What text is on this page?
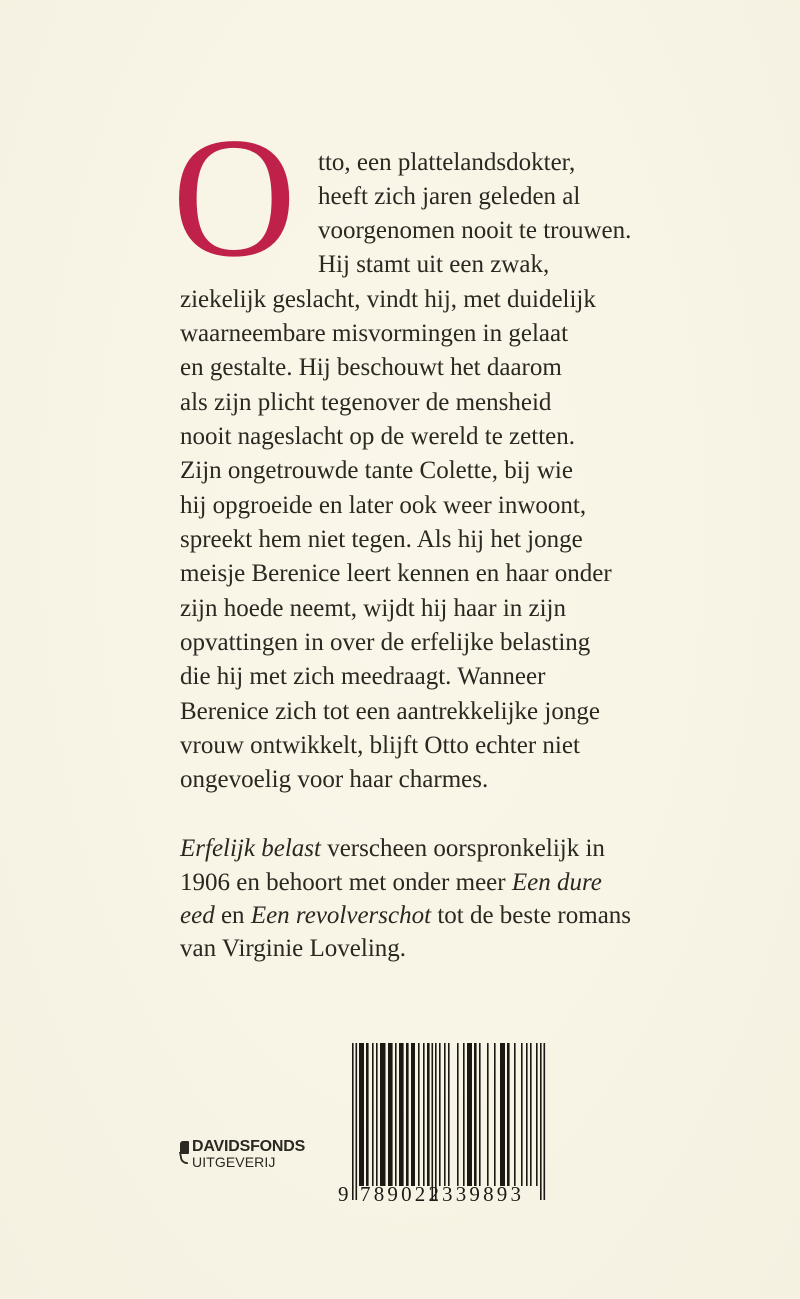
O tto, een plattelandsdokter,
heeft zich jaren geleden al
voorgenomen nooit te trouwen.
Hij stamt uit een zwak,
ziekelijk geslacht, vindt hij, met duidelijk
waarneembare misvormingen in gelaat
en gestalte. Hij beschouwt het daarom
als zijn plicht tegenover de mensheid
nooit nageslacht op de wereld te zetten.
Zijn ongetrouwde tante Colette, bij wie
hij opgroeide en later ook weer inwoont,
spreekt hem niet tegen. Als hij het jonge
meisje Berenice leert kennen en haar onder
zijn hoede neemt, wijdt hij haar in zijn
opvattingen in over de erfelijke belasting
die hij met zich meedraagt. Wanneer
Berenice zich tot een aantrekkelijke jonge
vrouw ontwikkelt, blijft Otto echter niet
ongevoelig voor haar charmes.
Erfelijk belast verscheen oorspronkelijk in
1906 en behoort met onder meer Een dure
eed en Een revolverschot tot de beste romans
van Virginie Loveling.
DAVIDSFONDS
UITGEVERIJ
9 789022 339893
